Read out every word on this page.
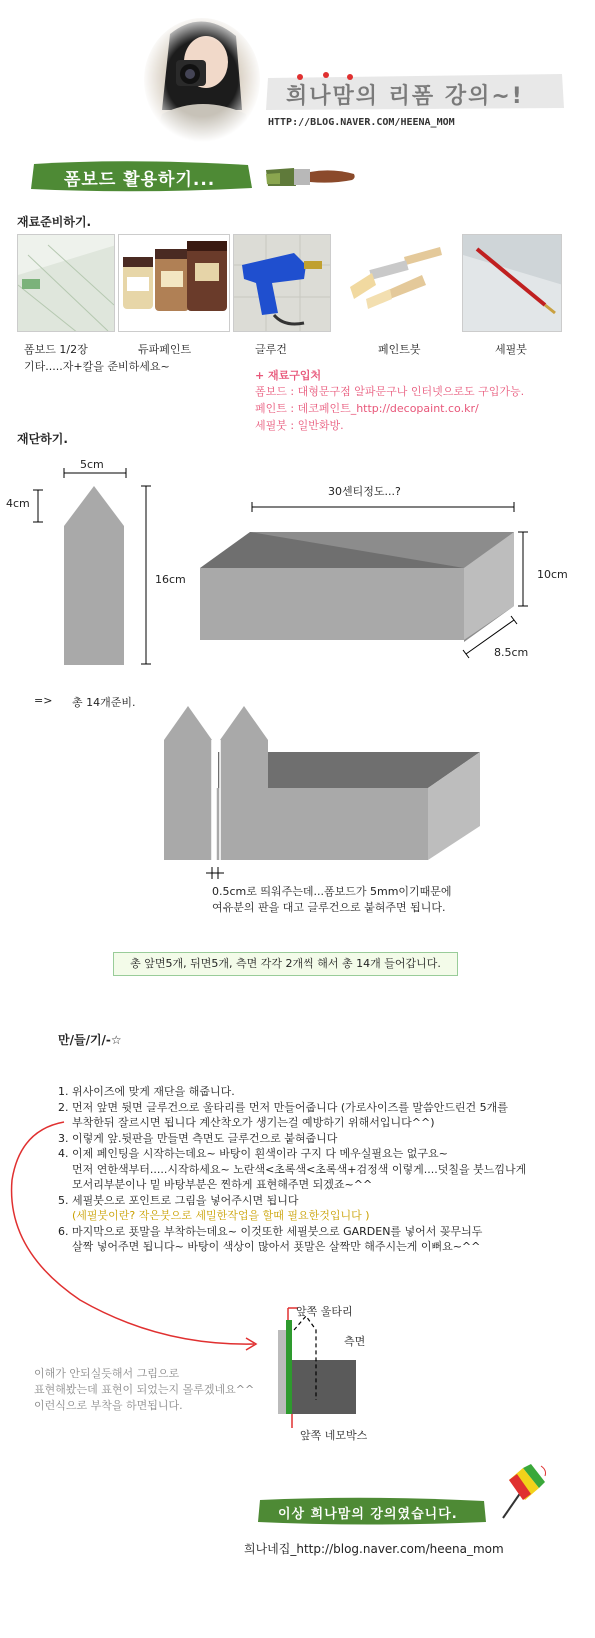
희나맘의 리폼 강의~!
HTTP://BLOG.NAVER.COM/HEENA_MOM
폼보드 활용하기...
재료준비하기.
폼보드 1/2장	듀파페인트	글루건	페인트붓	세필붓
기타.....자+칼을 준비하세요~
+ 재료구입처
폼보드 : 대형문구점 알파문구나 인터넷으로도 구입가능.
페인트 : 데코페인트_http://decopaint.co.kr/
세필붓 : 일반화방.
재단하기.
5cm
4cm
16cm
30센티정도...?
10cm
8.5cm
=> 총 14개준비.
0.5cm로 띄워주는데...폼보드가 5mm이기때문에
여유분의 판을 대고 글루건으로 붙혀주면 됩니다.
총 앞면5개, 뒤면5개, 측면 각각 2개씩 해서 총 14개 들어갑니다.
만/들/기/-☆
1. 위사이즈에 맞게 재단을 해줍니다.
2. 먼저 앞면 뒷면 글루건으로 울타리를 먼저 만들어줍니다 (가로사이즈를 말씀안드린건 5개를
부착한뒤 잘르시면 됩니다 계산착오가 생기는걸 예방하기 위해서입니다^^)
3. 이렇게 앞.뒷판을 만들면 측면도 글루건으로 붙혀줍니다
4. 이제 페인팅을 시작하는데요~ 바탕이 흰색이라 구지 다 메우실필요는 없구요~
먼저 연한색부터.....시작하세요~ 노란색<초록색<초록색+검정색 이렇게....덧칠을 붓느낌나게
모서리부분이나 밑 바탕부분은 찐하게 표현해주면 되겠죠~^^
5. 세필붓으로 포인트로 그림을 넣어주시면 됩니다
(세필붓이란? 작은붓으로 세밀한작업을 할때 필요한것입니다 )
6. 마지막으로 푯말을 부착하는데요~ 이것또한 세필붓으로 GARDEN를 넣어서 꽂무늬두
살짝 넣어주면 됩니다~ 바탕이 색상이 많아서 푯말은 살짝만 해주시는게 이뻐요~^^
이해가 안되실듯해서 그림으로
표현해봤는데 표현이 되었는지 몰루겠네요^^
이런식으로 부착을 하면됩니다.
앞쪽 울타리
측면
앞쪽 네모박스
이상 희나맘의 강의였습니다.
희나네집_http://blog.naver.com/heena_mom
